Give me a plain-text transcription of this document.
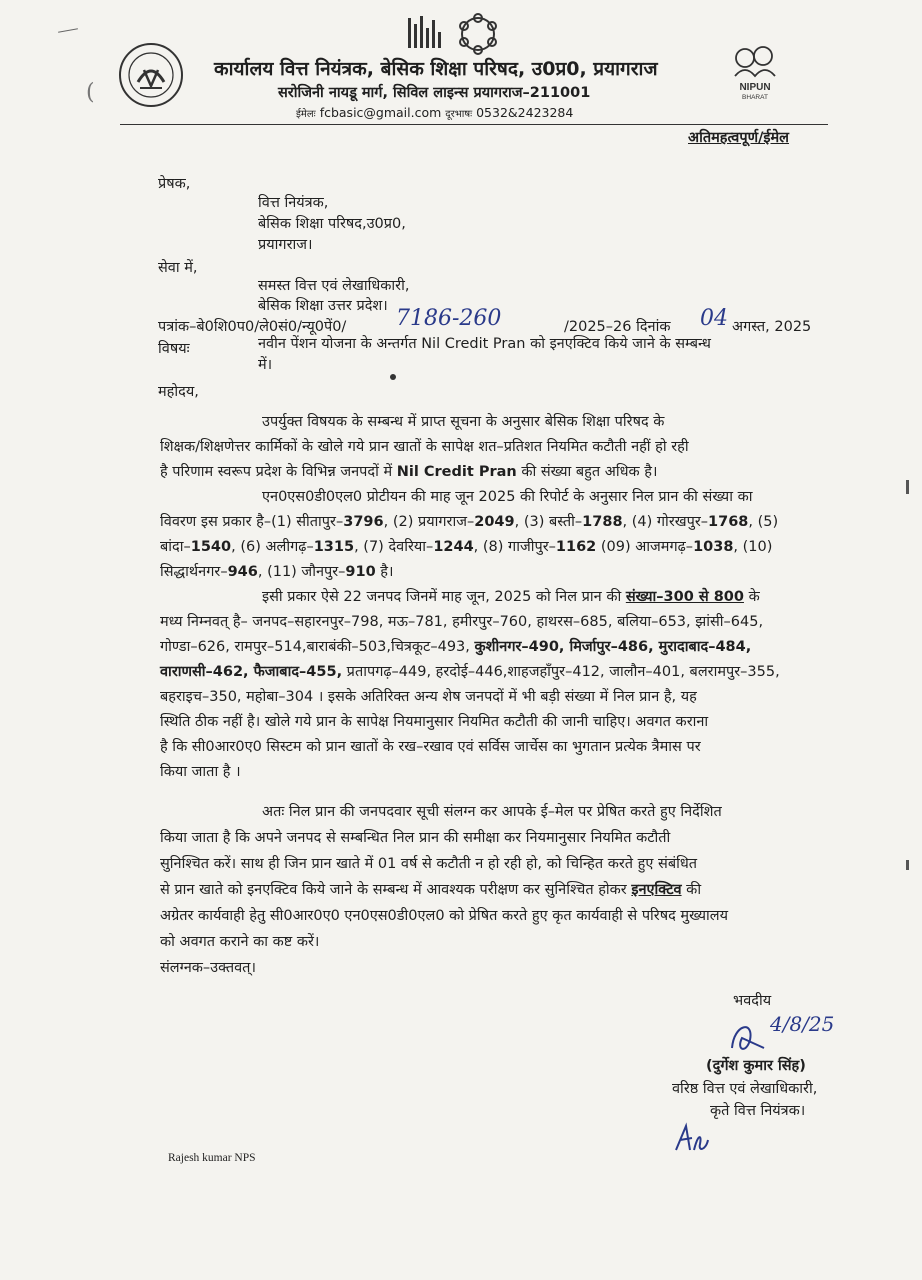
(	NIPUN
BHARAT
कार्यालय वित्त नियंत्रक, बेसिक शिक्षा परिषद, उ0प्र0, प्रयागराज
सरोजिनी नायडू मार्ग, सिविल लाइन्स प्रयागराज–211001
ईमेलः fcbasic@gmail.com दूरभाषः 0532&2423284
अतिमहत्वपूर्ण/ईमेल
प्रेषक,
वित्त नियंत्रक,
बेसिक शिक्षा परिषद,उ0प्र0,
प्रयागराज।
सेवा में,
समस्त वित्त एवं लेखाधिकारी,
बेसिक शिक्षा उत्तर प्रदेश।
पत्रांक–बे0शि0प0/ले0सं0/न्यू0पें0/ 7186-260	/2025–26 दिनांक 04 अगस्त, 2025
विषयः	नवीन पेंशन योजना के अन्तर्गत Nil Credit Pran को इनएक्टिव किये जाने के सम्बन्ध
में।
महोदय,
उपर्युक्त विषयक के सम्बन्ध में प्राप्त सूचना के अनुसार बेसिक शिक्षा परिषद के
शिक्षक/शिक्षणेत्तर कार्मिकों के खोले गये प्रान खातों के सापेक्ष शत–प्रतिशत नियमित कटौती नहीं हो रही
है परिणाम स्वरूप प्रदेश के विभिन्न जनपदों में Nil Credit Pran की संख्या बहुत अधिक है।
एन0एस0डी0एल0 प्रोटीयन की माह जून 2025 की रिपोर्ट के अनुसार निल प्रान की संख्या का
विवरण इस प्रकार है–(1) सीतापुर–3796, (2) प्रयागराज–2049, (3) बस्ती–1788, (4) गोरखपुर–1768, (5)
बांदा–1540, (6) अलीगढ़–1315, (7) देवरिया–1244, (8) गाजीपुर–1162 (09) आजमगढ़–1038, (10)
सिद्धार्थनगर–946, (11) जौनपुर–910 है।
इसी प्रकार ऐसे 22 जनपद जिनमें माह जून, 2025 को निल प्रान की संख्या–300 से 800 के
मध्य निम्नवत् है– जनपद–सहारनपुर–798, मऊ–781, हमीरपुर–760, हाथरस–685, बलिया–653, झांसी–645,
गोण्डा–626, रामपुर–514,बाराबंकी–503,चित्रकूट–493, कुशीनगर–490, मिर्जापुर–486, मुरादाबाद–484,
वाराणसी–462, फैजाबाद–455, प्रतापगढ़–449, हरदोई–446,शाहजहाँपुर–412, जालौन–401, बलरामपुर–355,
बहराइच–350, महोबा–304 । इसके अतिरिक्त अन्य शेष जनपदों में भी बड़ी संख्या में निल प्रान है, यह
स्थिति ठीक नहीं है। खोले गये प्रान के सापेक्ष नियमानुसार नियमित कटौती की जानी चाहिए। अवगत कराना
है कि सी0आर0ए0 सिस्टम को प्रान खातों के रख–रखाव एवं सर्विस जार्चेस का भुगतान प्रत्येक त्रैमास पर
किया जाता है ।
अतः निल प्रान की जनपदवार सूची संलग्न कर आपके ई–मेल पर प्रेषित करते हुए निर्देशित
किया जाता है कि अपने जनपद से सम्बन्धित निल प्रान की समीक्षा कर नियमानुसार नियमित कटौती
सुनिश्चित करें। साथ ही जिन प्रान खाते में 01 वर्ष से कटौती न हो रही हो, को चिन्हित करते हुए संबंधित
से प्रान खाते को इनएक्टिव किये जाने के सम्बन्ध में आवश्यक परीक्षण कर सुनिश्चित होकर इनएक्टिव की
अग्रेतर कार्यवाही हेतु सी0आर0ए0 एन0एस0डी0एल0 को प्रेषित करते हुए कृत कार्यवाही से परिषद मुख्यालय
को अवगत कराने का कष्ट करें।
संलग्नक–उक्तवत्।
भवदीय
4/8/25
(दुर्गेश कुमार सिंह)
वरिष्ठ वित्त एवं लेखाधिकारी,
कृते वित्त नियंत्रक।
Rajesh kumar NPS
